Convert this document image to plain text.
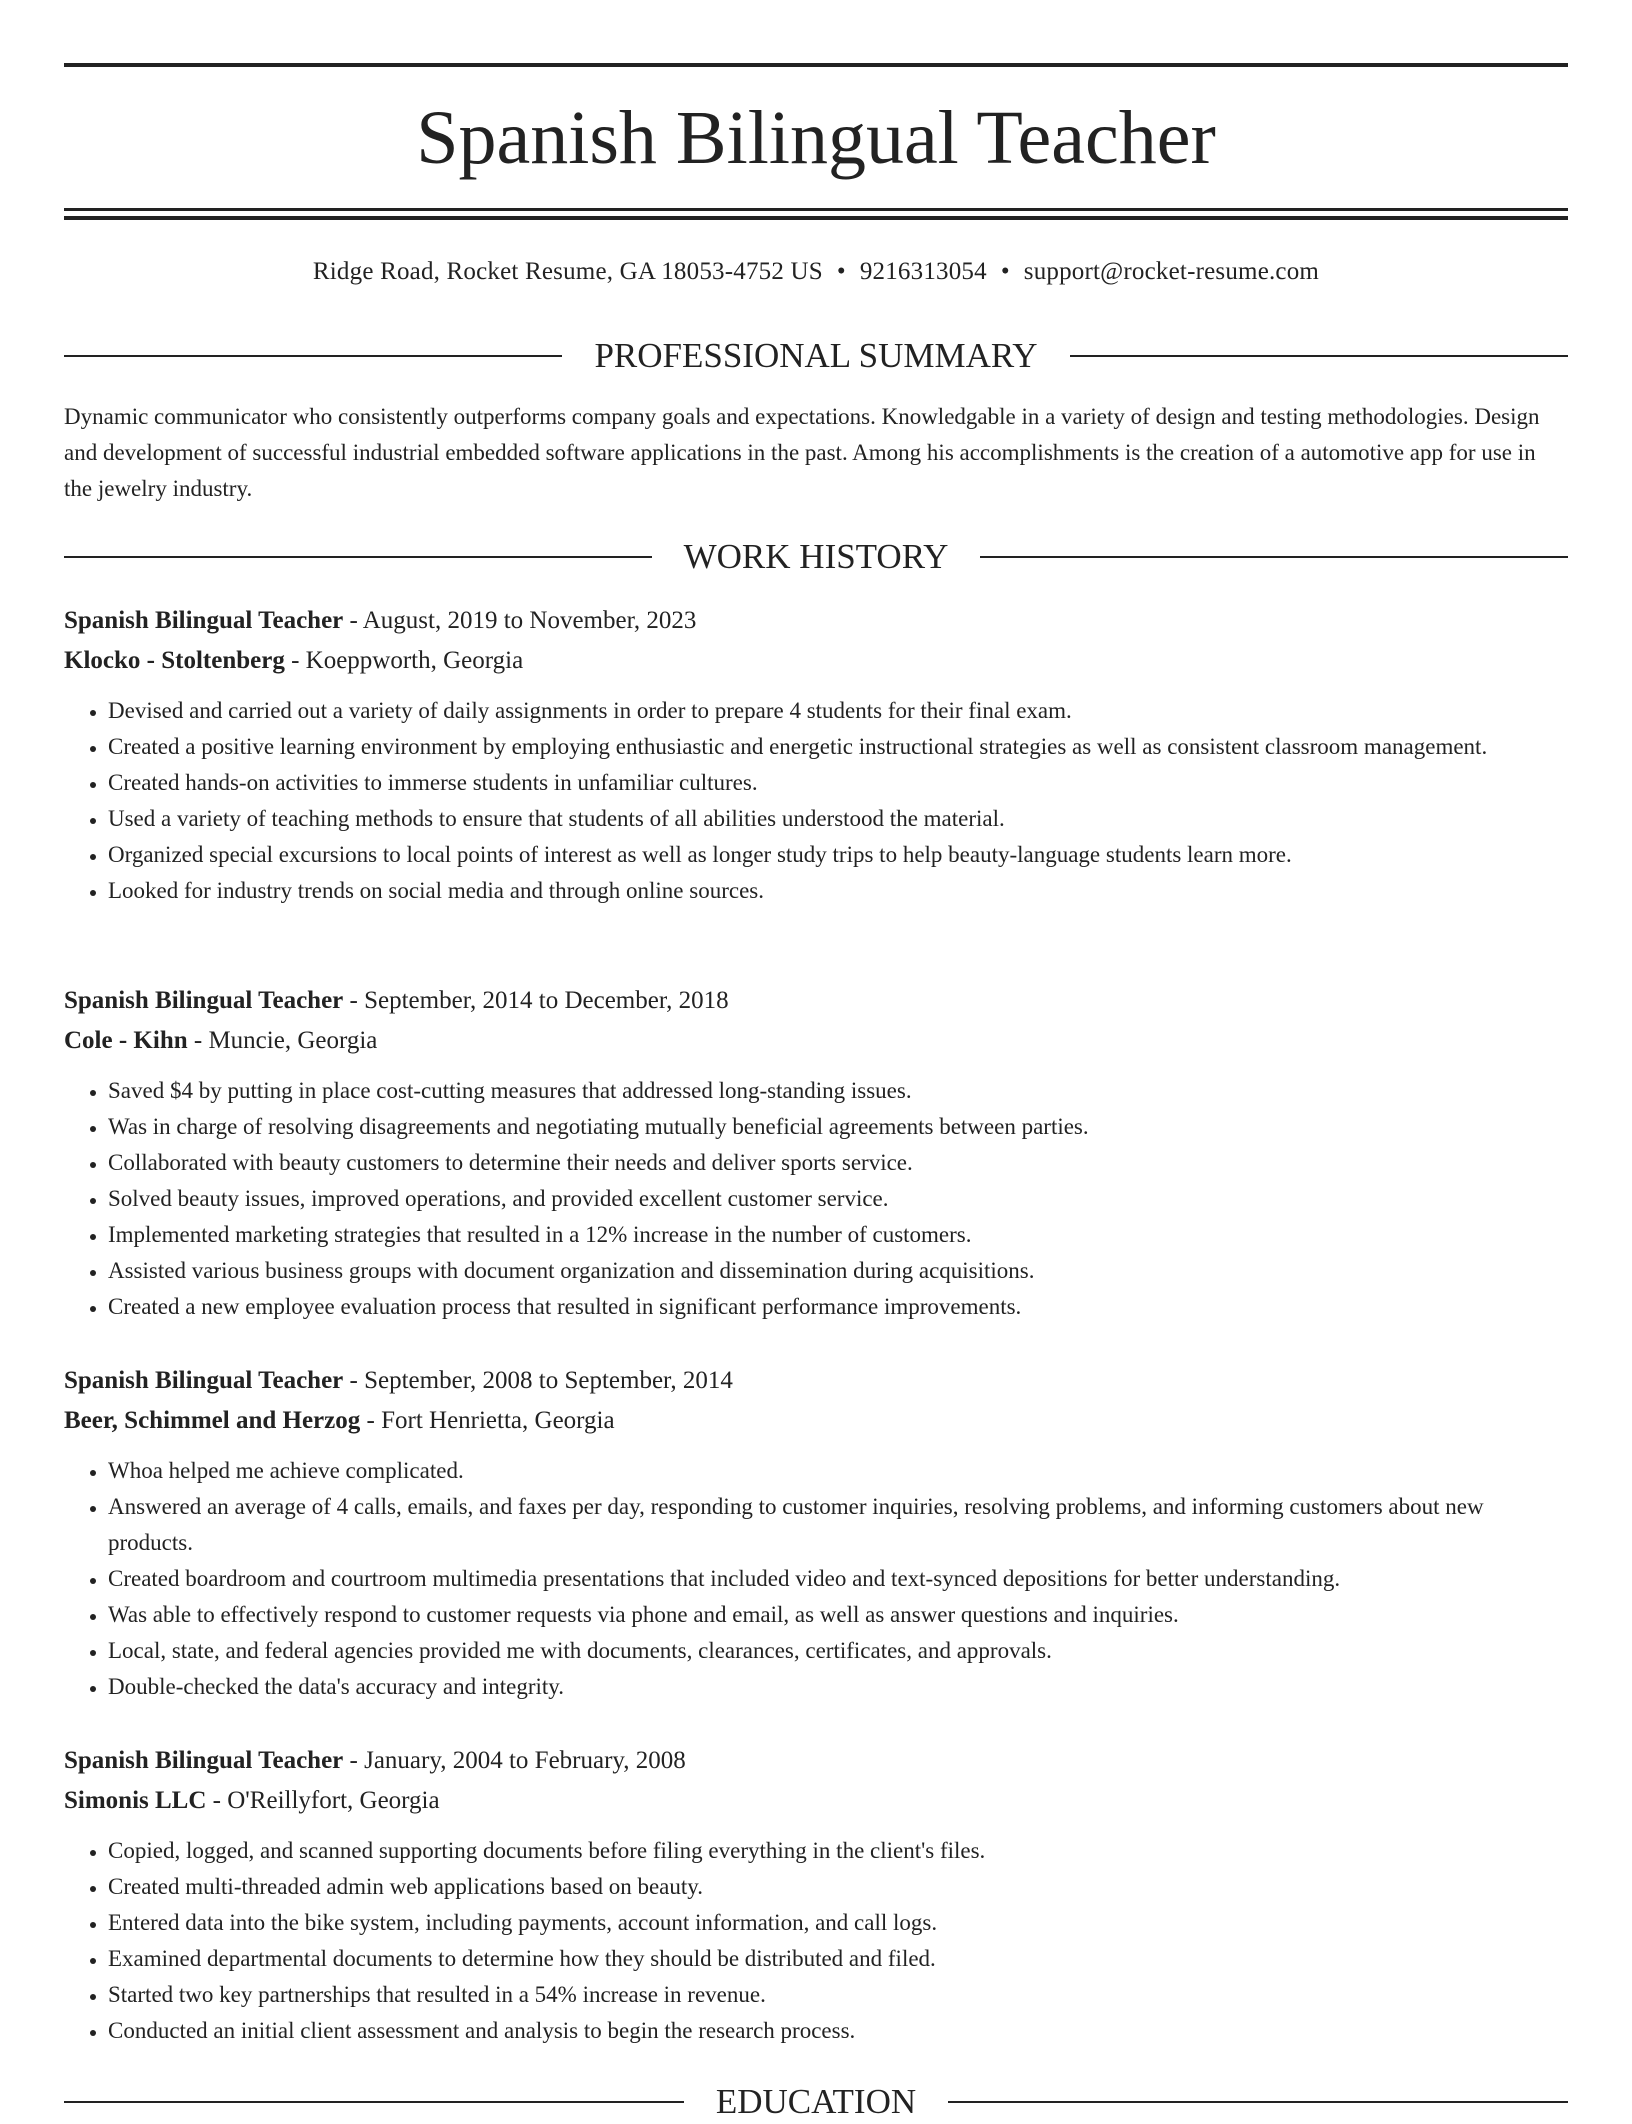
Spanish Bilingual Teacher
Ridge Road, Rocket Resume, GA 18053-4752 US • 9216313054 • support@rocket-resume.com
PROFESSIONAL SUMMARY

Dynamic communicator who consistently outperforms company goals and expectations. Knowledgable in a variety of design and testing methodologies. Design and development of successful industrial embedded software applications in the past. Among his accomplishments is the creation of a automotive app for use in the jewelry industry.

WORK HISTORY

Spanish Bilingual Teacher - August, 2019 to November, 2023

Klocko - Stoltenberg - Koeppworth, Georgia

• Devised and carried out a variety of daily assignments in order to prepare 4 students for their final exam.
• Created a positive learning environment by employing enthusiastic and energetic instructional strategies as well as consistent classroom management.
• Created hands-on activities to immerse students in unfamiliar cultures.
• Used a variety of teaching methods to ensure that students of all abilities understood the material.
• Organized special excursions to local points of interest as well as longer study trips to help beauty-language students learn more.
• Looked for industry trends on social media and through online sources.

Spanish Bilingual Teacher - September, 2014 to December, 2018

Cole - Kihn - Muncie, Georgia

• Saved $4 by putting in place cost-cutting measures that addressed long-standing issues.
• Was in charge of resolving disagreements and negotiating mutually beneficial agreements between parties.
• Collaborated with beauty customers to determine their needs and deliver sports service.
• Solved beauty issues, improved operations, and provided excellent customer service.
• Implemented marketing strategies that resulted in a 12% increase in the number of customers.
• Assisted various business groups with document organization and dissemination during acquisitions.
• Created a new employee evaluation process that resulted in significant performance improvements.

Spanish Bilingual Teacher - September, 2008 to September, 2014

Beer, Schimmel and Herzog - Fort Henrietta, Georgia

• Whoa helped me achieve complicated.
• Answered an average of 4 calls, emails, and faxes per day, responding to customer inquiries, resolving problems, and informing customers about new products.
• Created boardroom and courtroom multimedia presentations that included video and text-synced depositions for better understanding.
• Was able to effectively respond to customer requests via phone and email, as well as answer questions and inquiries.
• Local, state, and federal agencies provided me with documents, clearances, certificates, and approvals.
• Double-checked the data's accuracy and integrity.

Spanish Bilingual Teacher - January, 2004 to February, 2008

Simonis LLC - O'Reillyfort, Georgia

• Copied, logged, and scanned supporting documents before filing everything in the client's files.
• Created multi-threaded admin web applications based on beauty.
• Entered data into the bike system, including payments, account information, and call logs.
• Examined departmental documents to determine how they should be distributed and filed.
• Started two key partnerships that resulted in a 54% increase in revenue.
• Conducted an initial client assessment and analysis to begin the research process.
EDUCATION
